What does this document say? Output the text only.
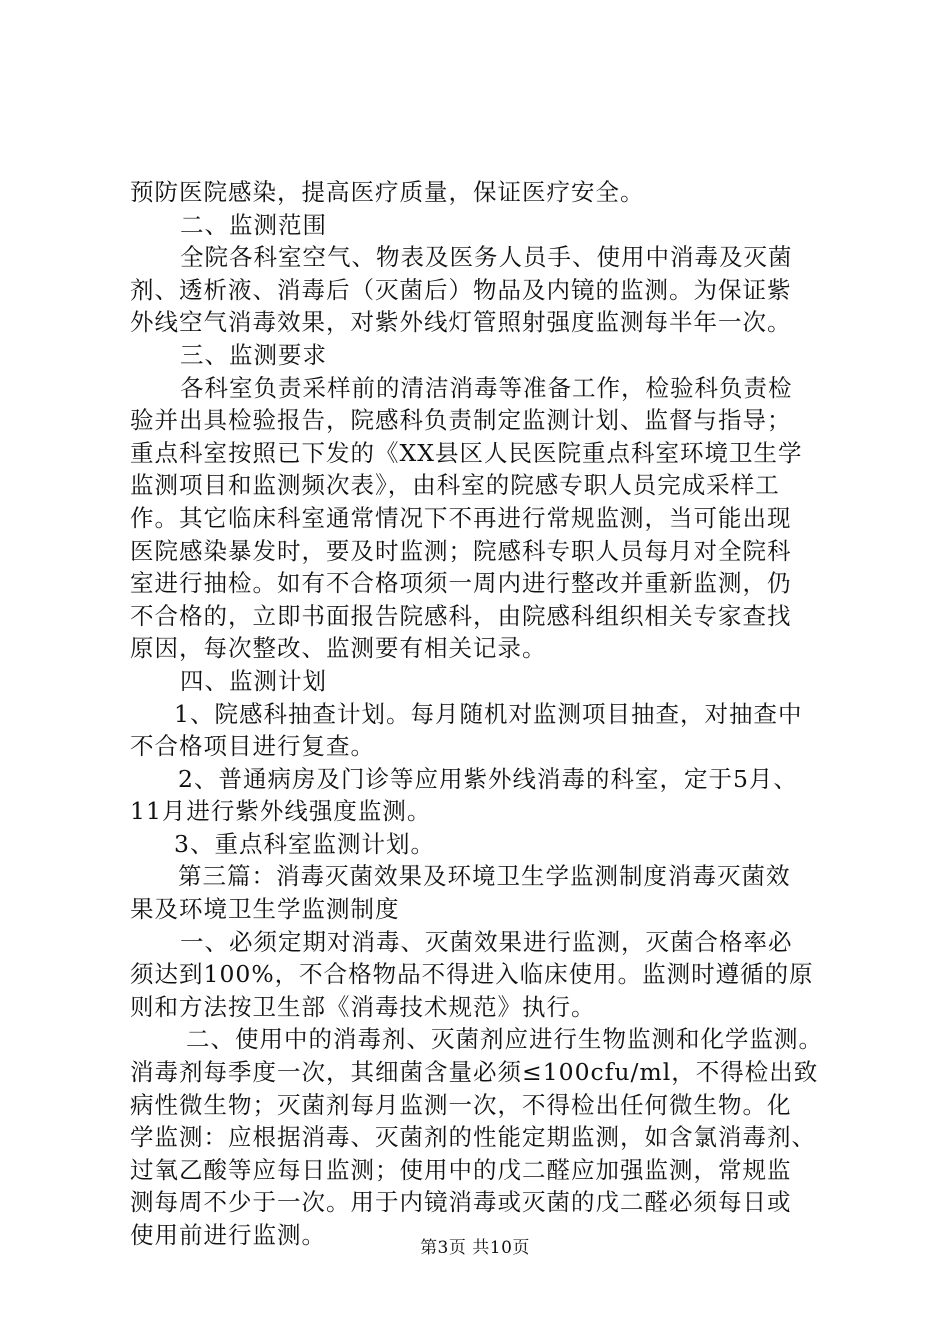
预防医院感染，提高医疗质量，保证医疗安全。
二、监测范围
全院各科室空气、物表及医务人员手、使用中消毒及灭菌
剂、透析液、消毒后（灭菌后）物品及内镜的监测。为保证紫
外线空气消毒效果，对紫外线灯管照射强度监测每半年一次。
三、监测要求
各科室负责采样前的清洁消毒等准备工作，检验科负责检
验并出具检验报告，院感科负责制定监测计划、监督与指导；
重点科室按照已下发的《XX县区人民医院重点科室环境卫生学
监测项目和监测频次表》，由科室的院感专职人员完成采样工
作。其它临床科室通常情况下不再进行常规监测，当可能出现
医院感染暴发时，要及时监测；院感科专职人员每月对全院科
室进行抽检。如有不合格项须一周内进行整改并重新监测，仍
不合格的，立即书面报告院感科，由院感科组织相关专家查找
原因，每次整改、监测要有相关记录。
四、监测计划
1、院感科抽查计划。每月随机对监测项目抽查，对抽查中
不合格项目进行复查。
2、普通病房及门诊等应用紫外线消毒的科室，定于5月、
11月进行紫外线强度监测。
3、重点科室监测计划。
第三篇：消毒灭菌效果及环境卫生学监测制度消毒灭菌效
果及环境卫生学监测制度
一、必须定期对消毒、灭菌效果进行监测，灭菌合格率必
须达到100%，不合格物品不得进入临床使用。监测时遵循的原
则和方法按卫生部《消毒技术规范》执行。
二、使用中的消毒剂、灭菌剂应进行生物监测和化学监测。
消毒剂每季度一次，其细菌含量必须≤100cfu/ml，不得检出致
病性微生物；灭菌剂每月监测一次，不得检出任何微生物。化
学监测：应根据消毒、灭菌剂的性能定期监测，如含氯消毒剂、
过氧乙酸等应每日监测；使用中的戊二醛应加强监测，常规监
测每周不少于一次。用于内镜消毒或灭菌的戊二醛必须每日或
使用前进行监测。	第3页 共10页
